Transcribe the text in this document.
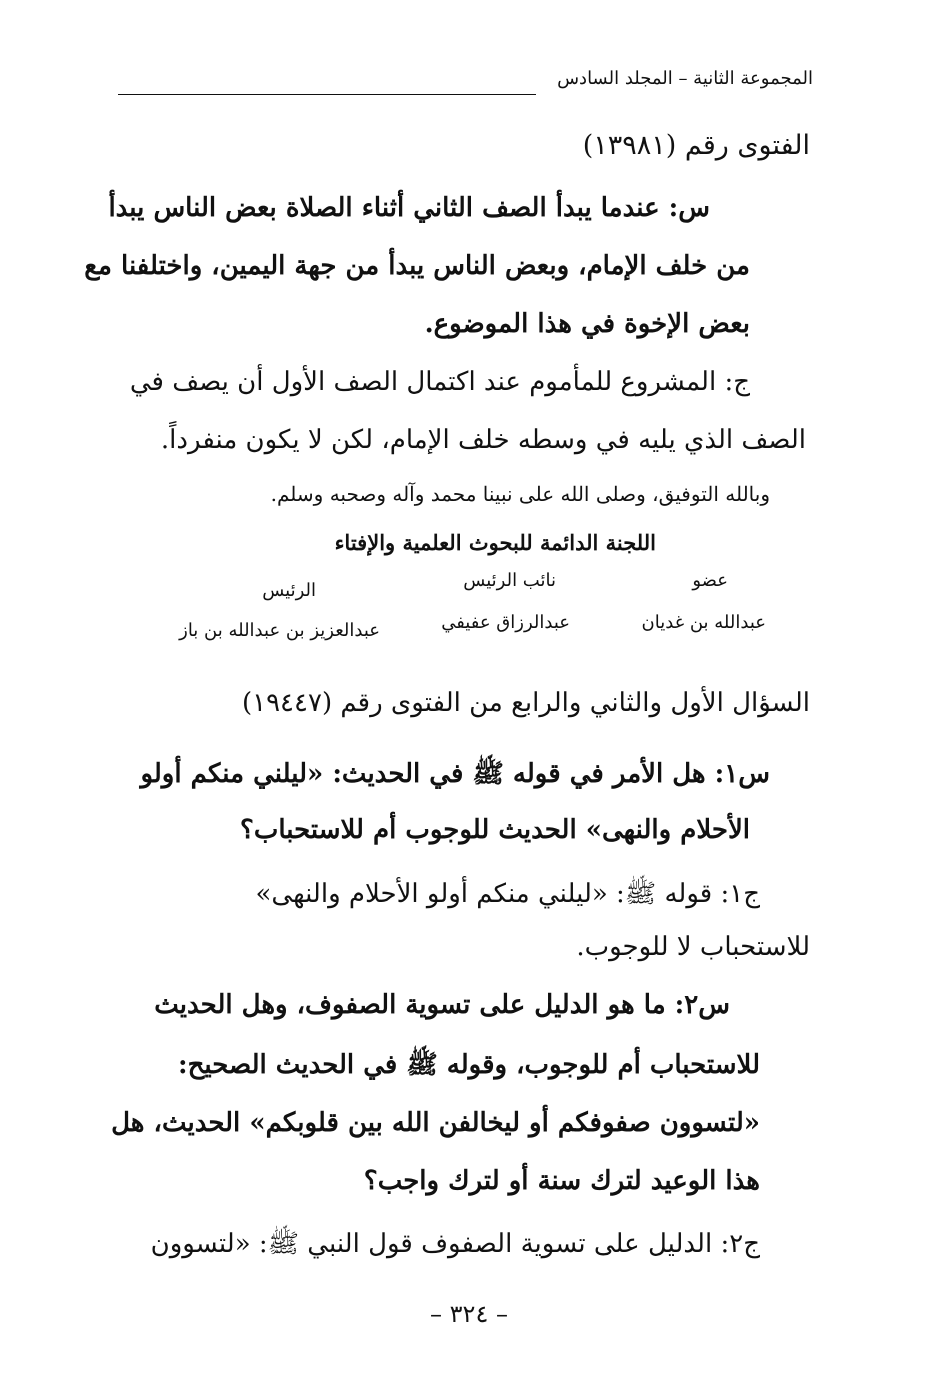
المجموعة الثانية – المجلد السادس
الفتوى رقم (١٣٩٨١)
س: عندما يبدأ الصف الثاني أثناء الصلاة بعض الناس يبدأ
من خلف الإمام، وبعض الناس يبدأ من جهة اليمين، واختلفنا مع
بعض الإخوة في هذا الموضوع.
ج: المشروع للمأموم عند اكتمال الصف الأول أن يصف في
الصف الذي يليه في وسطه خلف الإمام، لكن لا يكون منفرداً.
وبالله التوفيق، وصلى الله على نبينا محمد وآله وصحبه وسلم.
اللجنة الدائمة للبحوث العلمية والإفتاء
عضو
عبدالله بن غديان
نائب الرئيس
عبدالرزاق عفيفي
الرئيس
عبدالعزيز بن عبدالله بن باز
السؤال الأول والثاني والرابع من الفتوى رقم (١٩٤٤٧)
س١: هل الأمر في قوله ﷺ في الحديث: «ليلني منكم أولو
الأحلام والنهى» الحديث للوجوب أم للاستحباب؟
ج١: قوله ﷺ: «ليلني منكم أولو الأحلام والنهى»
للاستحباب لا للوجوب.
س٢: ما هو الدليل على تسوية الصفوف، وهل الحديث
للاستحباب أم للوجوب، وقوله ﷺ في الحديث الصحيح:
«لتسوون صفوفكم أو ليخالفن الله بين قلوبكم» الحديث، هل
هذا الوعيد لترك سنة أو لترك واجب؟
ج٢: الدليل على تسوية الصفوف قول النبي ﷺ: «لتسوون
– ٣٢٤ –
